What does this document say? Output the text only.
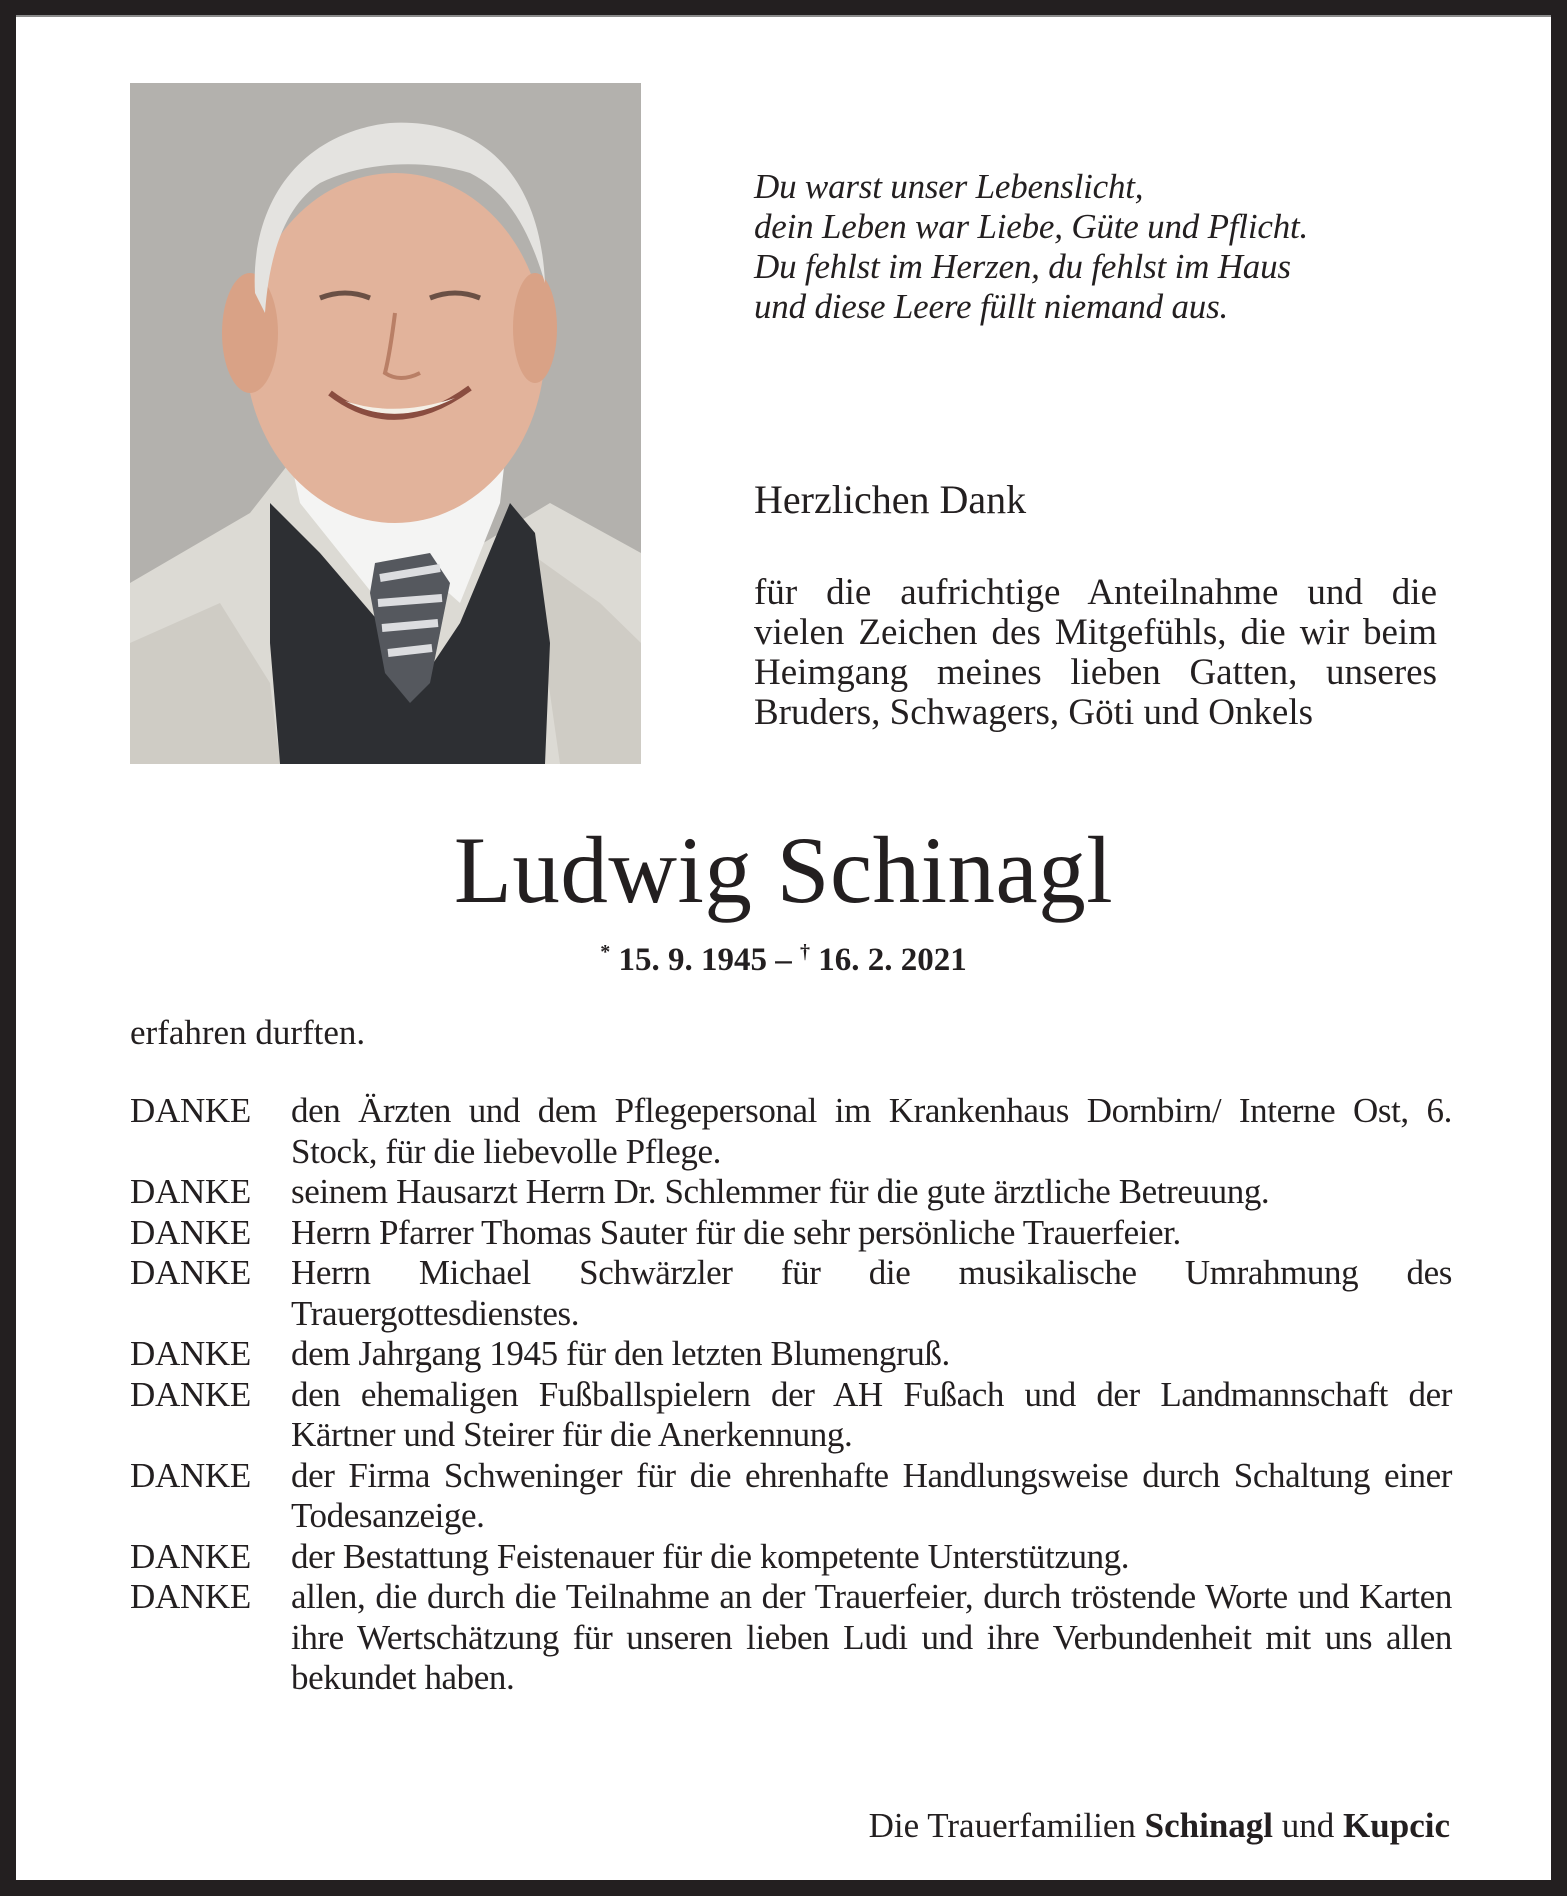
Du warst unser Lebenslicht,
dein Leben war Liebe, Güte und Pflicht.
Du fehlst im Herzen, du fehlst im Haus
und diese Leere füllt niemand aus.
Herzlichen Dank
für die aufrichtige Anteilnahme und die vielen Zeichen des Mitgefühls, die wir beim Heimgang meines lieben Gatten, unseres Bruders, Schwagers, Göti und Onkels
Ludwig Schinagl
* 15. 9. 1945 – † 16. 2. 2021
erfahren durften.
DANKE	den Ärzten und dem Pflegepersonal im Krankenhaus Dornbirn/ Interne Ost, 6. Stock, für die liebevolle Pflege.
DANKE	seinem Hausarzt Herrn Dr. Schlemmer für die gute ärztliche Betreuung.
DANKE	Herrn Pfarrer Thomas Sauter für die sehr persönliche Trauerfeier.
DANKE	Herrn Michael Schwärzler für die musikalische Umrahmung des Trauergottesdienstes.
DANKE	dem Jahrgang 1945 für den letzten Blumengruß.
DANKE	den ehemaligen Fußballspielern der AH Fußach und der Landmannschaft der Kärtner und Steirer für die Anerkennung.
DANKE	der Firma Schweninger für die ehrenhafte Handlungsweise durch Schaltung einer Todesanzeige.
DANKE	der Bestattung Feistenauer für die kompetente Unterstützung.
DANKE	allen, die durch die Teilnahme an der Trauerfeier, durch tröstende Worte und Karten ihre Wertschätzung für unseren lieben Ludi und ihre Verbundenheit mit uns allen bekundet haben.
Die Trauerfamilien Schinagl und Kupcic
